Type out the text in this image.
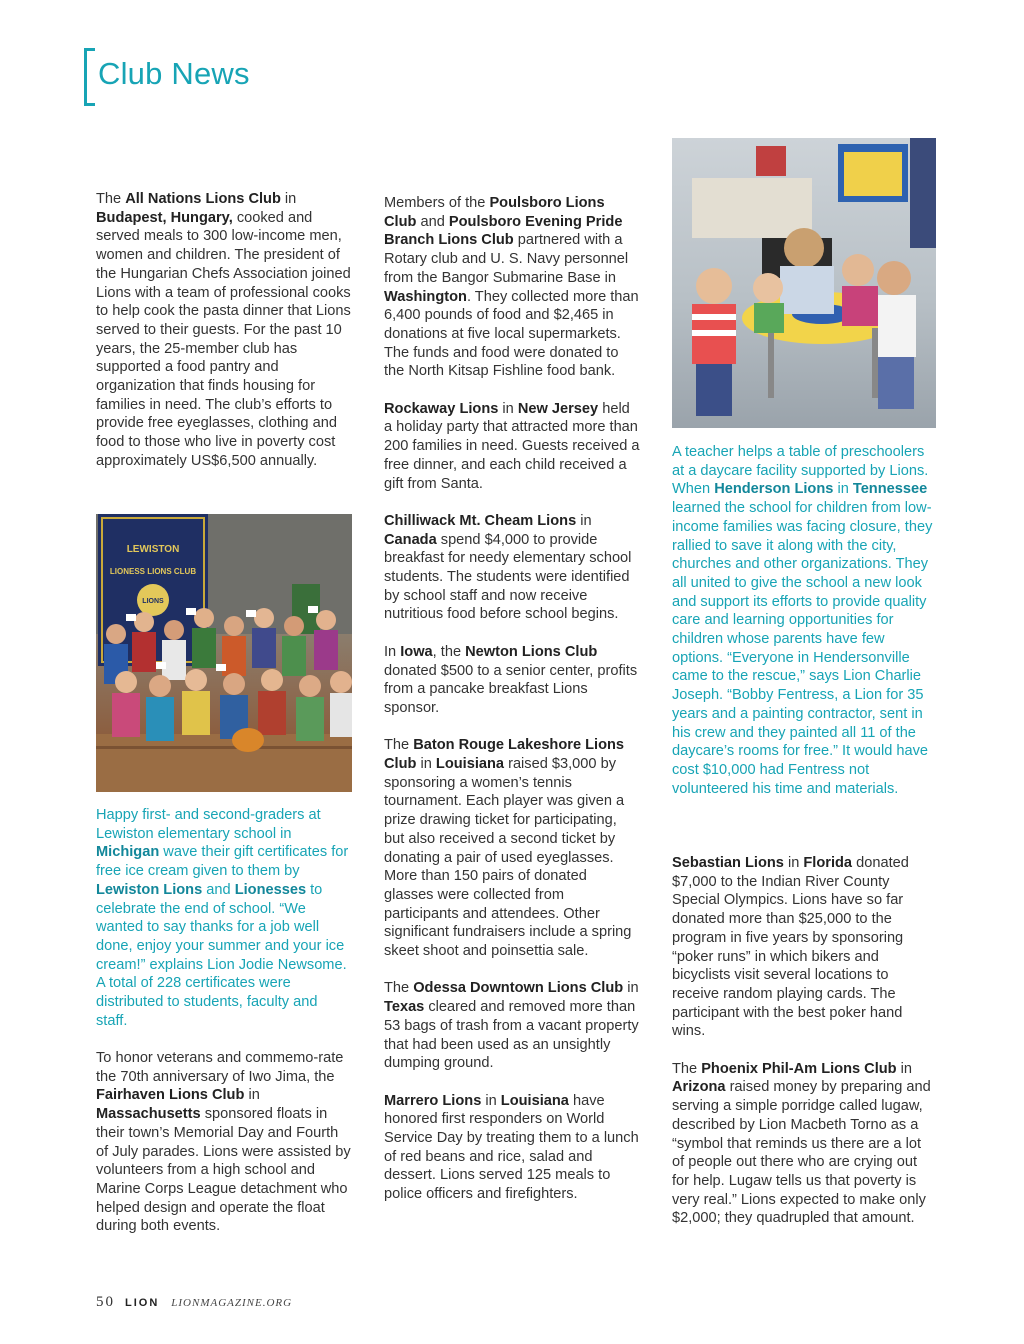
Club News

The All Nations Lions Club in Budapest, Hungary, cooked and served meals to 300 low-income men, women and children. The president of the Hungarian Chefs Association joined Lions with a team of professional cooks to help cook the pasta dinner that Lions served to their guests. For the past 10 years, the 25-member club has supported a food pantry and organization that finds housing for families in need. The club’s efforts to provide free eyeglasses, clothing and food to those who live in poverty cost approximately US$6,500 annually.

LEWISTON
LIONESS LIONS CLUB
LIONS

Happy first- and second-graders at Lewiston elementary school in Michigan wave their gift certificates for free ice cream given to them by Lewiston Lions and Lionesses to celebrate the end of school. “We wanted to say thanks for a job well done, enjoy your summer and your ice cream!” explains Lion Jodie Newsome. A total of 228 certificates were distributed to students, faculty and staff.

To honor veterans and commemo-rate the 70th anniversary of Iwo Jima, the Fairhaven Lions Club in Massachusetts sponsored floats in their town’s Memorial Day and Fourth of July parades. Lions were assisted by volunteers from a high school and Marine Corps League detachment who helped design and operate the float during both events.

Members of the Poulsboro Lions Club and Poulsboro Evening Pride Branch Lions Club partnered with a Rotary club and U. S. Navy personnel from the Bangor Submarine Base in Washington. They collected more than 6,400 pounds of food and $2,465 in donations at five local supermarkets. The funds and food were donated to the North Kitsap Fishline food bank.

Rockaway Lions in New Jersey held a holiday party that attracted more than 200 families in need. Guests received a free dinner, and each child received a gift from Santa.

Chilliwack Mt. Cheam Lions in Canada spend $4,000 to provide breakfast for needy elementary school students. The students were identified by school staff and now receive nutritious food before school begins.

In Iowa, the Newton Lions Club donated $500 to a senior center, profits from a pancake breakfast Lions sponsor.

The Baton Rouge Lakeshore Lions Club in Louisiana raised $3,000 by sponsoring a women’s tennis tournament. Each player was given a prize drawing ticket for participating, but also received a second ticket by donating a pair of used eyeglasses. More than 150 pairs of donated glasses were collected from participants and attendees. Other significant fundraisers include a spring skeet shoot and poinsettia sale.

The Odessa Downtown Lions Club in Texas cleared and removed more than 53 bags of trash from a vacant property that had been used as an unsightly dumping ground.

Marrero Lions in Louisiana have honored first responders on World Service Day by treating them to a lunch of red beans and rice, salad and dessert. Lions served 125 meals to police officers and firefighters.

A teacher helps a table of preschoolers at a daycare facility supported by Lions. When Henderson Lions in Tennessee learned the school for children from low-income families was facing closure, they rallied to save it along with the city, churches and other organizations. They all united to give the school a new look and support its efforts to provide quality care and learning opportunities for children whose parents have few options. “Everyone in Hendersonville came to the rescue,” says Lion Charlie Joseph. “Bobby Fentress, a Lion for 35 years and a painting contractor, sent in his crew and they painted all 11 of the daycare’s rooms for free.” It would have cost $10,000 had Fentress not volunteered his time and materials.

Sebastian Lions in Florida donated $7,000 to the Indian River County Special Olympics. Lions have so far donated more than $25,000 to the program in five years by sponsoring “poker runs” in which bikers and bicyclists visit several locations to receive random playing cards. The participant with the best poker hand wins.

The Phoenix Phil-Am Lions Club in Arizona raised money by preparing and serving a simple porridge called lugaw, described by Lion Macbeth Torno as a “symbol that reminds us there are a lot of people out there who are crying out for help. Lugaw tells us that poverty is very real.” Lions expected to make only $2,000; they quadrupled that amount.

50 LION LIONMAGAZINE.ORG
